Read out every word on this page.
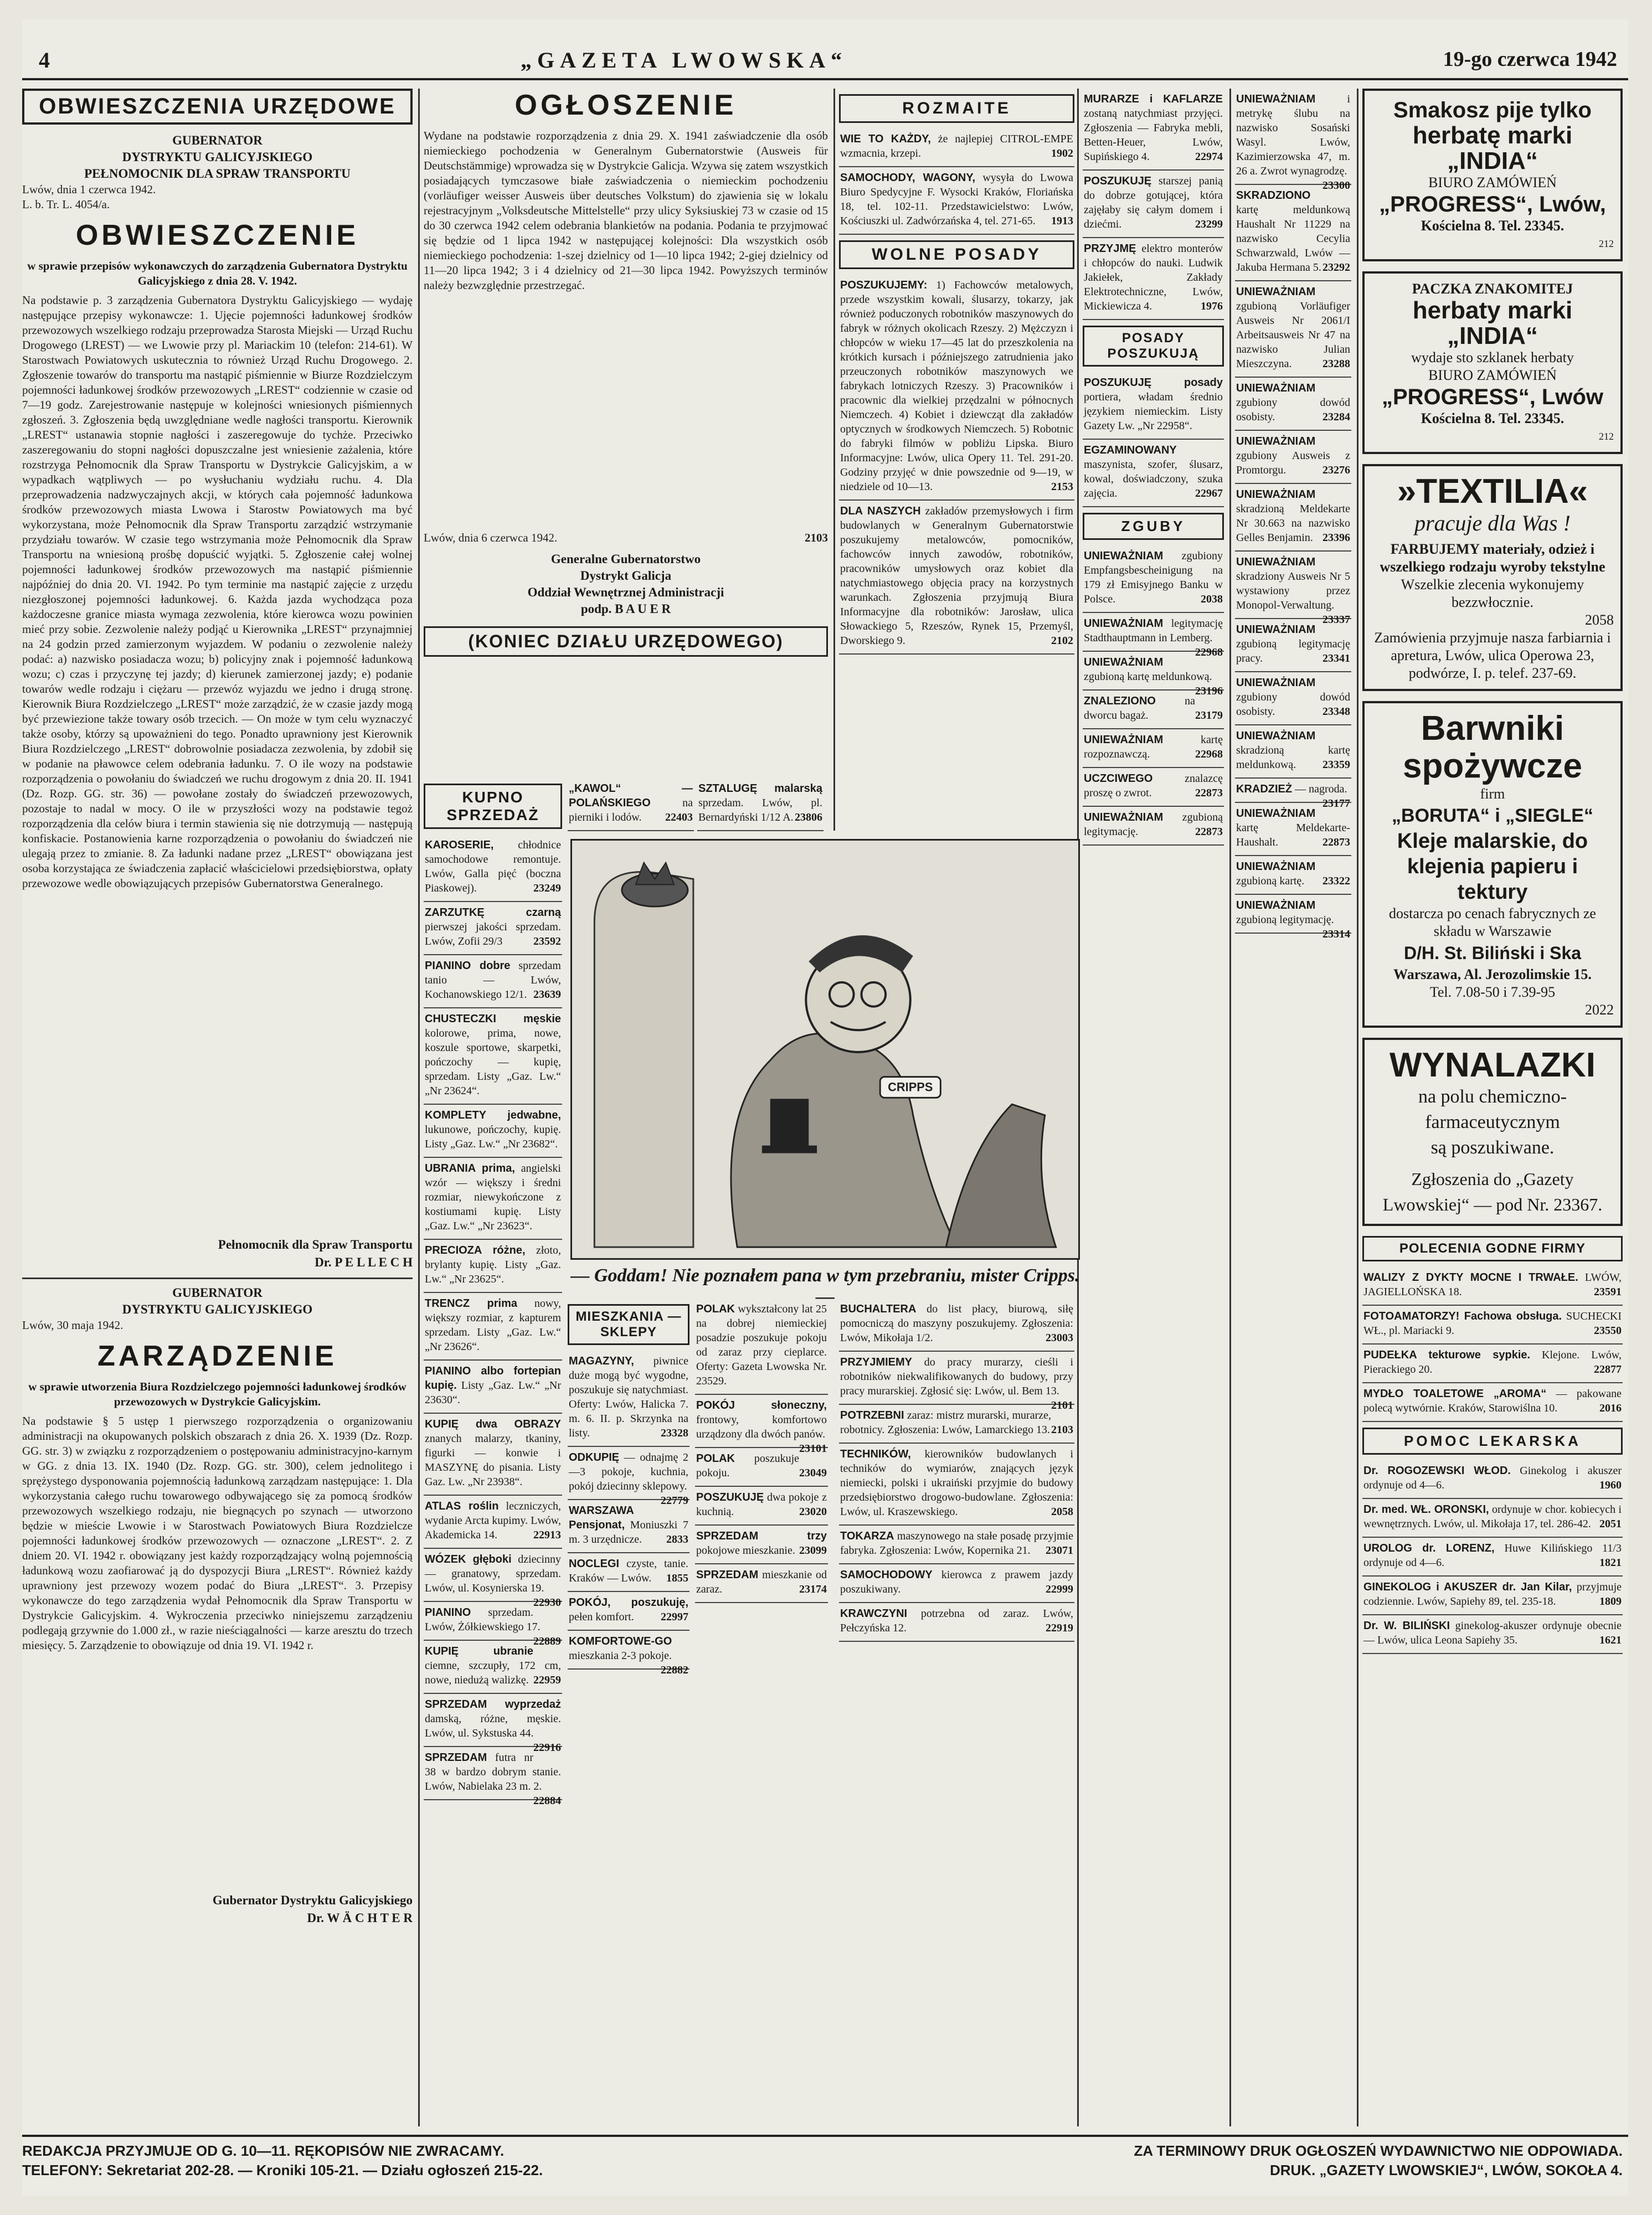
4	„GAZETA LWOWSKA“	19-go czerwca 1942
OBWIESZCZENIA URZĘDOWE
GUBERNATOR
DYSTRYKTU GALICYJSKIEGO
PEŁNOMOCNIK DLA SPRAW TRANSPORTU
Lwów, dnia 1 czerwca 1942.
L. b. Tr. L. 4054/a.
OBWIESZCZENIE
w sprawie przepisów wykonawczych do zarządzenia Gubernatora Dystryktu Galicyjskiego z dnia 28. V. 1942.
Na podstawie p. 3 zarządzenia Gubernatora Dystryktu Galicyjskiego — wydaję następujące przepisy wykonawcze: 1. Ujęcie pojemności ładunkowej środków przewozowych wszelkiego rodzaju przeprowadza Starosta Miejski — Urząd Ruchu Drogowego (LREST) — we Lwowie przy pl. Mariackim 10 (telefon: 214-61). W Starostwach Powiatowych uskutecznia to również Urząd Ruchu Drogowego. 2. Zgłoszenie towarów do transportu ma nastąpić piśmiennie w Biurze Rozdzielczym pojemności ładunkowej środków przewozowych „LREST“ codziennie w czasie od 7—19 godz. Zarejestrowanie następuje w kolejności wniesionych piśmiennych zgłoszeń. 3. Zgłoszenia będą uwzględniane wedle nagłości transportu. Kierownik „LREST“ ustanawia stopnie nagłości i zaszeregowuje do tychże. Przeciwko zaszeregowaniu do stopni nagłości dopuszczalne jest wniesienie zażalenia, które rozstrzyga Pełnomocnik dla Spraw Transportu w Dystrykcie Galicyjskim, a w wypadkach wątpliwych — po wysłuchaniu wydziału ruchu. 4. Dla przeprowadzenia nadzwyczajnych akcji, w których cała pojemność ładunkowa środków przewozowych miasta Lwowa i Starostw Powiatowych ma być wykorzystana, może Pełnomocnik dla Spraw Transportu zarządzić wstrzymanie przydziału towarów. W czasie tego wstrzymania może Pełnomocnik dla Spraw Transportu na wniesioną prośbę dopuścić wyjątki. 5. Zgłoszenie całej wolnej pojemności ładunkowej środków przewozowych ma nastąpić piśmiennie najpóźniej do dnia 20. VI. 1942. Po tym terminie ma nastąpić zajęcie z urzędu niezgłoszonej pojemności ładunkowej. 6. Każda jazda wychodząca poza każdoczesne granice miasta wymaga zezwolenia, które kierowca wozu powinien mieć przy sobie. Zezwolenie należy podjąć u Kierownika „LREST“ przynajmniej na 24 godzin przed zamierzonym wyjazdem. W podaniu o zezwolenie należy podać: a) nazwisko posiadacza wozu; b) policyjny znak i pojemność ładunkową wozu; c) czas i przyczynę tej jazdy; d) kierunek zamierzonej jazdy; e) podanie towarów wedle rodzaju i ciężaru — przewóz wyjazdu we jedno i drugą stronę. Kierownik Biura Rozdzielczego „LREST“ może zarządzić, że w czasie jazdy mogą być przewiezione także towary osób trzecich. — On może w tym celu wyznaczyć także osoby, którzy są upoważnieni do tego. Ponadto uprawniony jest Kierownik Biura Rozdzielczego „LREST“ dobrowolnie posiadacza zezwolenia, by zdobił się w podanie na pławowce celem odebrania ładunku. 7. O ile wozy na podstawie rozporządzenia o powołaniu do świadczeń we ruchu drogowym z dnia 20. II. 1941 (Dz. Rozp. GG. str. 36) — powołane zostały do świadczeń przewozowych, pozostaje to nadal w mocy. O ile w przyszłości wozy na podstawie tegoż rozporządzenia dla celów biura i termin stawienia się nie dotrzymują — następują konfiskacie. Postanowienia karne rozporządzenia o powołaniu do świadczeń nie ulegają przez to zmianie. 8. Za ładunki nadane przez „LREST“ obowiązana jest osoba korzystająca ze świadczenia zapłacić właścicielowi przedsiębiorstwa, opłaty przewozowe wedle obowiązujących przepisów Gubernatorstwa Generalnego.
Pełnomocnik dla Spraw Transportu
Dr. P E L L E C H
GUBERNATOR
DYSTRYKTU GALICYJSKIEGO
Lwów, 30 maja 1942.
ZARZĄDZENIE
w sprawie utworzenia Biura Rozdzielczego pojemności ładunkowej środków przewozowych w Dystrykcie Galicyjskim.
Na podstawie § 5 ustęp 1 pierwszego rozporządzenia o organizowaniu administracji na okupowanych polskich obszarach z dnia 26. X. 1939 (Dz. Rozp. GG. str. 3) w związku z rozporządzeniem o postępowaniu administracyjno-karnym w GG. z dnia 13. IX. 1940 (Dz. Rozp. GG. str. 300), celem jednolitego i sprężystego dysponowania pojemnością ładunkową zarządzam następujące: 1. Dla wykorzystania całego ruchu towarowego odbywającego się za pomocą środków przewozowych wszelkiego rodzaju, nie biegnących po szynach — utworzono będzie w mieście Lwowie i w Starostwach Powiatowych Biura Rozdzielcze pojemności ładunkowej środków przewozowych — oznaczone „LREST“. 2. Z dniem 20. VI. 1942 r. obowiązany jest każdy rozporządzający wolną pojemnością ładunkową wozu zaofiarować ją do dyspozycji Biura „LREST“. Również każdy uprawniony jest przewozy wozem podać do Biura „LREST“. 3. Przepisy wykonawcze do tego zarządzenia wydał Pełnomocnik dla Spraw Transportu w Dystrykcie Galicyjskim. 4. Wykroczenia przeciwko niniejszemu zarządzeniu podlegają grzywnie do 1.000 zł., w razie nieściągalności — karze aresztu do trzech miesięcy. 5. Zarządzenie to obowiązuje od dnia 19. VI. 1942 r.
Gubernator Dystryktu Galicyjskiego
Dr. W Ä C H T E R
OGŁOSZENIE
Wydane na podstawie rozporządzenia z dnia 29. X. 1941 zaświadczenie dla osób niemieckiego pochodzenia w Generalnym Gubernatorstwie (Ausweis für Deutschstämmige) wprowadza się w Dystrykcie Galicja. Wzywa się zatem wszystkich posiadających tymczasowe białe zaświadczenia o niemieckim pochodzeniu (vorläufiger weisser Ausweis über deutsches Volkstum) do zjawienia się w lokalu rejestracyjnym „Volksdeutsche Mittelstelle“ przy ulicy Syksiuskiej 73 w czasie od 15 do 30 czerwca 1942 celem odebrania blankietów na podania. Podania te przyjmować się będzie od 1 lipca 1942 w następującej kolejności: Dla wszystkich osób niemieckiego pochodzenia: 1-szej dzielnicy od 1—10 lipca 1942; 2-giej dzielnicy od 11—20 lipca 1942; 3 i 4 dzielnicy od 21—30 lipca 1942. Powyższych terminów należy bezwzględnie przestrzegać.
Lwów, dnia 6 czerwca 1942.	2103
Generalne Gubernatorstwo
Dystrykt Galicja
Oddział Wewnętrznej Administracji
podp. B A U E R
(KONIEC DZIAŁU URZĘDOWEGO)
ROZMAITE
WIE TO KAŻDY, że najlepiej CITROL-EMPE wzmacnia, krzepi.	1902
SAMOCHODY, WAGONY, wysyła do Lwowa Biuro Spedycyjne F. Wysocki Kraków, Floriańska 18, tel. 102-11. Przedstawicielstwo: Lwów, Kościuszki ul. Zadwórzańska 4, tel. 271-65. 1913
WOLNE POSADY
POSZUKUJEMY: 1) Fachowców metalowych, przede wszystkim kowali, ślusarzy, tokarzy, jak również poduczonych robotników maszynowych do fabryk w różnych okolicach Rzeszy. 2) Mężczyzn i chłopców w wieku 17—45 lat do przeszkolenia na krótkich kursach i późniejszego zatrudnienia jako przeuczonych robotników maszynowych we fabrykach lotniczych Rzeszy. 3) Pracowników i pracownic dla wielkiej przędzalni w północnych Niemczech. 4) Kobiet i dziewcząt dla zakładów optycznych w środkowych Niemczech. 5) Robotnic do fabryki filmów w pobliżu Lipska. Biuro Informacyjne: Lwów, ulica Opery 11. Tel. 291-20. Godziny przyjęć w dnie powszednie od 9—19, w niedziele od 10—13.	2153
DLA NASZYCH zakładów przemysłowych i firm budowlanych w Generalnym Gubernatorstwie poszukujemy metalowców, pomocników, fachowców innych zawodów, robotników, pracowników umysłowych oraz kobiet dla natychmiastowego objęcia pracy na korzystnych warunkach. Zgłoszenia przyjmują Biura Informacyjne dla robotników: Jarosław, ulica Słowackiego 5, Rzeszów, Rynek 15, Przemyśl, Dworskiego 9.	2102
KUPNO SPRZEDAŻ
KAROSERIE, chłodnice samochodowe remontuje. Lwów, Galla pięć (boczna Piaskowej).	23249
ZARZUTKĘ czarną pierwszej jakości sprzedam. Lwów, Zofii 29/3	23592
PIANINO dobre sprzedam tanio — Lwów, Kochanowskiego 12/1. 23639
CHUSTECZKI męskie kolorowe, prima, nowe, koszule sportowe, skarpetki, pończochy — kupię, sprzedam. Listy „Gaz. Lw.“ „Nr 23624“.
KOMPLETY jedwabne, lukunowe, pończochy, kupię. Listy „Gaz. Lw.“ „Nr 23682“.
UBRANIA prima, angielski wzór — większy i średni rozmiar, niewykończone z kostiumami kupię. Listy „Gaz. Lw.“ „Nr 23623“.
PRECIOZA różne, złoto, brylanty kupię. Listy „Gaz. Lw.“ „Nr 23625“.
TRENCZ prima nowy, większy rozmiar, z kapturem sprzedam. Listy „Gaz. Lw.“ „Nr 23626“.
PIANINO albo fortepian kupię. Listy „Gaz. Lw.“ „Nr 23630“.
KUPIĘ dwa OBRAZY znanych malarzy, tkaniny, figurki — konwie i MASZYNĘ do pisania. Listy Gaz. Lw. „Nr 23938“.
ATLAS roślin leczniczych, wydanie Arcta kupimy. Lwów, Akademicka 14.	22913
WÓZEK głęboki dziecinny — granatowy, sprzedam. Lwów, ul. Kosynierska 19.
22930
PIANINO sprzedam. Lwów, Żółkiewskiego 17.
22889
KUPIĘ ubranie ciemne, szczupły, 172 cm, nowe, niedużą walizkę. 22959
SPRZEDAM wyprzedaż damską, różne, męskie. Lwów, ul. Sykstuska 44.
22916
SPRZEDAM futra nr 38 w bardzo dobrym stanie. Lwów, Nabielaka 23 m. 2.
22884
„KAWOL“ — POLAŃSKIEGO	na pierniki i lodów. 22403
SZTALUGĘ malarską sprzedam. Lwów, pl. Bernardyński 1/12 A. 23806
CRIPPS
— Goddam! Nie poznałem pana w tym przebraniu, mister Cripps. —
MIESZKANIA — SKLEPY
MAGAZYNY, piwnice duże mogą być wygodne, poszukuje się natychmiast. Oferty: Lwów, Halicka 7. m. 6. II. p. Skrzynka na listy.	23328
ODKUPIĘ — odnajmę 2—3 pokoje, kuchnia, pokój dziecinny sklepowy.
22779
WARSZAWA Pensjonat, Moniuszki 7 m. 3 urzędnicze. 2833
NOCLEGI czyste, tanie. Kraków — Lwów. 1855
POKÓJ, poszukuję, pełen komfort. 22997
KOMFORTOWE-GO mieszkania 2-3 pokoje.
22882
POLAK wykształcony lat 25 na dobrej niemieckiej posadzie poszukuje pokoju od zaraz przy cieplarce. Oferty: Gazeta Lwowska Nr. 23529.
POKÓJ słoneczny, frontowy, komfortowo urządzony dla dwóch panów.
23101
POLAK poszukuje pokoju.	23049
POSZUKUJĘ dwa pokoje z kuchnią.	23020
SPRZEDAM trzy pokojowe mieszkanie. 23099
SPRZEDAM mieszkanie od zaraz.	23174
BUCHALTERA do list płacy, biurową, siłę pomocniczą do maszyny poszukujemy. Zgłoszenia: Lwów, Mikołaja 1/2.	23003
PRZYJMIEMY do pracy murarzy, cieśli i robotników niekwalifikowanych do budowy, przy pracy murarskiej. Zgłosić się: Lwów, ul. Bem 13.
2101
POTRZEBNI zaraz: mistrz murarski, murarze, robotnicy. Zgłoszenia: Lwów, Lamarckiego 13. 2103
TECHNIKÓW, kierowników budowlanych i techników do wymiarów, znających język niemiecki, polski i ukraiński przyjmie do budowy przedsiębiorstwo drogowo-budowlane. Zgłoszenia: Lwów, ul. Kraszewskiego.	2058
TOKARZA maszynowego na stałe posadę przyjmie fabryka. Zgłoszenia: Lwów, Kopernika 21. 23071
SAMOCHODOWY kierowca z prawem jazdy poszukiwany.	22999
KRAWCZYNI potrzebna od zaraz. Lwów, Pełczyńska 12.	22919
MURARZE i KAFLARZE zostaną natychmiast przyjęci. Zgłoszenia — Fabryka mebli, Betten-Heuer, Lwów, Supińskiego 4.	22974
POSZUKUJĘ starszej panią do dobrze gotującej, która zajęłaby się całym domem i dziećmi.	23299
PRZYJMĘ elektro monterów i chłopców do nauki. Ludwik Jakiełek, Zakłady Elektrotechniczne, Lwów, Mickiewicza 4.	1976
POSADY POSZUKUJĄ
POSZUKUJĘ posady portiera, władam średnio językiem niemieckim. Listy Gazety Lw. „Nr 22958“.
EGZAMINOWANY maszynista, szofer, ślusarz, kowal, doświadczony, szuka zajęcia.	22967
ZGUBY
UNIEWAŻNIAM zgubiony Empfangsbescheinigung na 179 zł Emisyjnego Banku w Polsce.	2038
UNIEWAŻNIAM legitymację Stadthauptmann in Lemberg.
22968
UNIEWAŻNIAM zgubioną kartę meldunkową.
23196
ZNALEZIONO	na dworcu bagaż.	23179
UNIEWAŻNIAM	kartę rozpoznawczą.	22968
UCZCIWEGO	znalazcę proszę o zwrot.	22873
UNIEWAŻNIAM zgubioną legitymację.	22873
UNIEWAŻNIAM	i metrykę ślubu na nazwisko Sosański Wasyl. Lwów, Kazimierzowska 47, m. 26 a. Zwrot wynagrodzę.
23300
SKRADZIONO kartę meldunkową Haushalt Nr 11229 na nazwisko Cecylia Schwarzwald, Lwów — Jakuba Hermana 5. 23292
UNIEWAŻNIAM zgubioną Vorläufiger Ausweis Nr 2061/I Arbeitsausweis Nr 47 na nazwisko Julian Mieszczyna.	23288
UNIEWAŻNIAM zgubiony dowód osobisty.	23284
UNIEWAŻNIAM zgubiony Ausweis z Promtorgu.	23276
UNIEWAŻNIAM skradzioną Meldekarte Nr 30.663 na nazwisko Gelles Benjamin. 23396
UNIEWAŻNIAM skradziony Ausweis Nr 5 wystawiony przez Monopol-Verwaltung.
23337
UNIEWAŻNIAM zgubioną legitymację pracy.	23341
UNIEWAŻNIAM zgubiony dowód osobisty.	23348
UNIEWAŻNIAM skradzioną kartę meldunkową. 23359
KRADZIEŻ — nagroda.
23177
UNIEWAŻNIAM kartę Meldekarte-Haushalt.	22873
UNIEWAŻNIAM zgubioną kartę. 23322
UNIEWAŻNIAM zgubioną legitymację.
23314
Smakosz pije tylko
herbatę marki „INDIA“
BIURO ZAMÓWIEŃ
„PROGRESS“, Lwów,
Kościelna 8. Tel. 23345.
212
PACZKA ZNAKOMITEJ
herbaty marki „INDIA“
wydaje sto szklanek herbaty
BIURO ZAMÓWIEŃ
„PROGRESS“, Lwów
Kościelna 8. Tel. 23345.
212
»TEXTILIA«
pracuje dla Was !
FARBUJEMY materiały, odzież i wszelkiego rodzaju wyroby tekstylne
Wszelkie zlecenia wykonujemy bezzwłocznie.
2058
Zamówienia przyjmuje nasza farbiarnia i apretura, Lwów, ulica Operowa 23, podwórze, I. p. telef. 237-69.
Barwniki
spożywcze
firm
„BORUTA“ i „SIEGLE“
Kleje malarskie, do klejenia papieru i tektury
dostarcza po cenach fabrycznych ze składu w Warszawie
D/H. St. Biliński i Ska
Warszawa, Al. Jerozolimskie 15.
Tel. 7.08-50 i 7.39-95
2022
WYNALAZKI
na polu chemiczno-farmaceutycznym
są poszukiwane.
Zgłoszenia do „Gazety Lwowskiej“ — pod Nr. 23367.
POLECENIA GODNE FIRMY
WALIZY Z DYKTY MOCNE I TRWAŁE. LWÓW, JAGIELLOŃSKA 18.	23591
FOTOAMATORZY! Fachowa obsługa. SUCHECKI WŁ., pl. Mariacki 9.	23550
PUDEŁKA tekturowe sypkie. Klejone. Lwów, Pierackiego 20.	22877
MYDŁO TOALETOWE „AROMA“ — pakowane polecą wytwórnie. Kraków, Starowiślna 10.	2016
POMOC LEKARSKA
Dr. ROGOZEWSKI WŁOD. Ginekolog i akuszer ordynuje od 4—6.	1960
Dr. med. WŁ. ORONSKI, ordynuje w chor. kobiecych i wewnętrznych. Lwów, ul. Mikołaja 17, tel. 286-42. 2051
UROLOG dr. LORENZ, Huwe Kilińskiego 11/3 ordynuje od 4—6.	1821
GINEKOLOG i AKUSZER dr. Jan Kilar, przyjmuje codziennie. Lwów, Sapiehy 89, tel. 235-18.	1809
Dr. W. BILIŃSKI ginekolog-akuszer ordynuje obecnie — Lwów, ulica Leona Sapiehy 35.	1621
REDAKCJA PRZYJMUJE OD G. 10—11. RĘKOPISÓW NIE ZWRACAMY.
TELEFONY: Sekretariat 202-28. — Kroniki 105-21. — Działu ogłoszeń 215-22.
ZA TERMINOWY DRUK OGŁOSZEŃ WYDAWNICTWO NIE ODPOWIADA.
DRUK. „GAZETY LWOWSKIEJ“, LWÓW, SOKOŁA 4.
